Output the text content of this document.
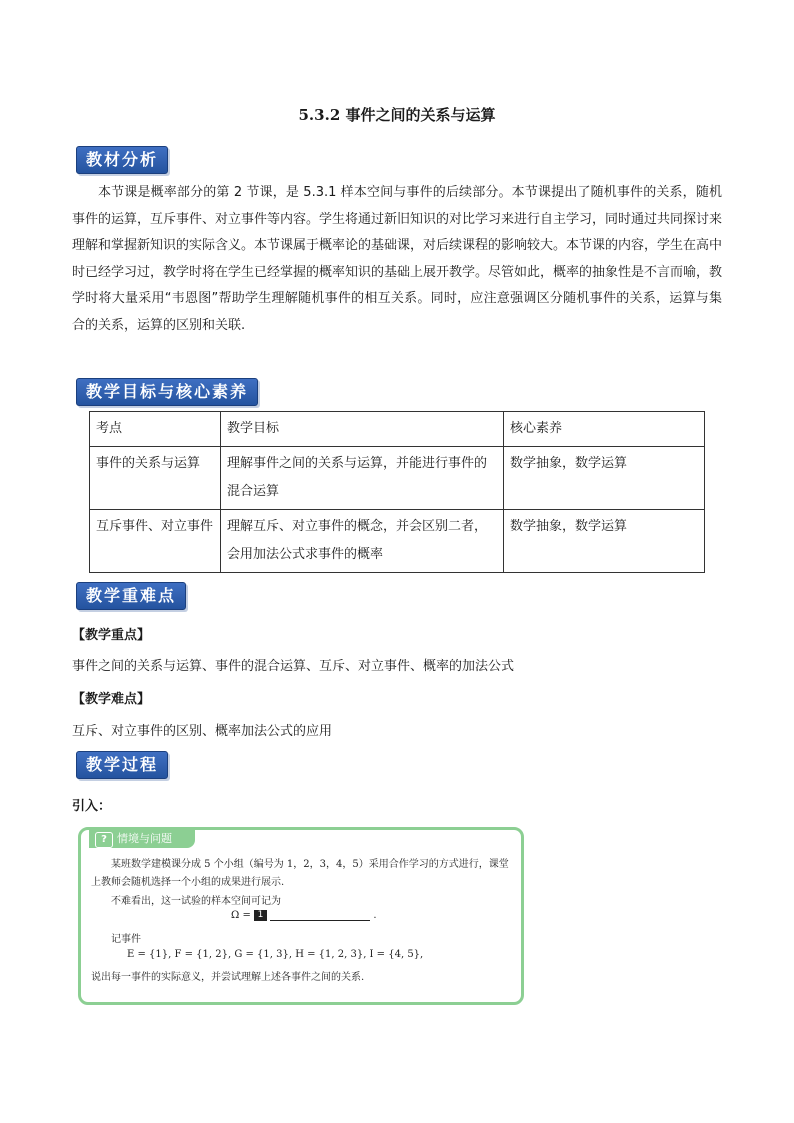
5.3.2 事件之间的关系与运算
教材分析
本节课是概率部分的第 2 节课，是 5.3.1 样本空间与事件的后续部分。本节课提出了随机事件的关系，随机事件的运算，互斥事件、对立事件等内容。学生将通过新旧知识的对比学习来进行自主学习，同时通过共同探讨来理解和掌握新知识的实际含义。本节课属于概率论的基础课，对后续课程的影响较大。本节课的内容，学生在高中时已经学习过，教学时将在学生已经掌握的概率知识的基础上展开教学。尽管如此，概率的抽象性是不言而喻，教学时将大量采用“韦恩图”帮助学生理解随机事件的相互关系。同时，应注意强调区分随机事件的关系，运算与集合的关系，运算的区别和关联.
教学目标与核心素养
考点	教学目标	核心素养
事件的关系与运算	理解事件之间的关系与运算，并能进行事件的混合运算	数学抽象，数学运算
互斥事件、对立事件	理解互斥、对立事件的概念，并会区别二者，会用加法公式求事件的概率	数学抽象，数学运算
教学重难点
【教学重点】
事件之间的关系与运算、事件的混合运算、互斥、对立事件、概率的加法公式
【教学难点】
互斥、对立事件的区别、概率加法公式的应用
教学过程
引入：
? 情境与问题
某班数学建模课分成 5 个小组（编号为 1，2，3，4，5）采用合作学习的方式进行，课堂上教师会随机选择一个小组的成果进行展示.
不难看出，这一试验的样本空间可记为
Ω = 1	.
记事件
E = {1}, F = {1, 2}, G = {1, 3}, H = {1, 2, 3}, I = {4, 5},
说出每一事件的实际意义，并尝试理解上述各事件之间的关系.
